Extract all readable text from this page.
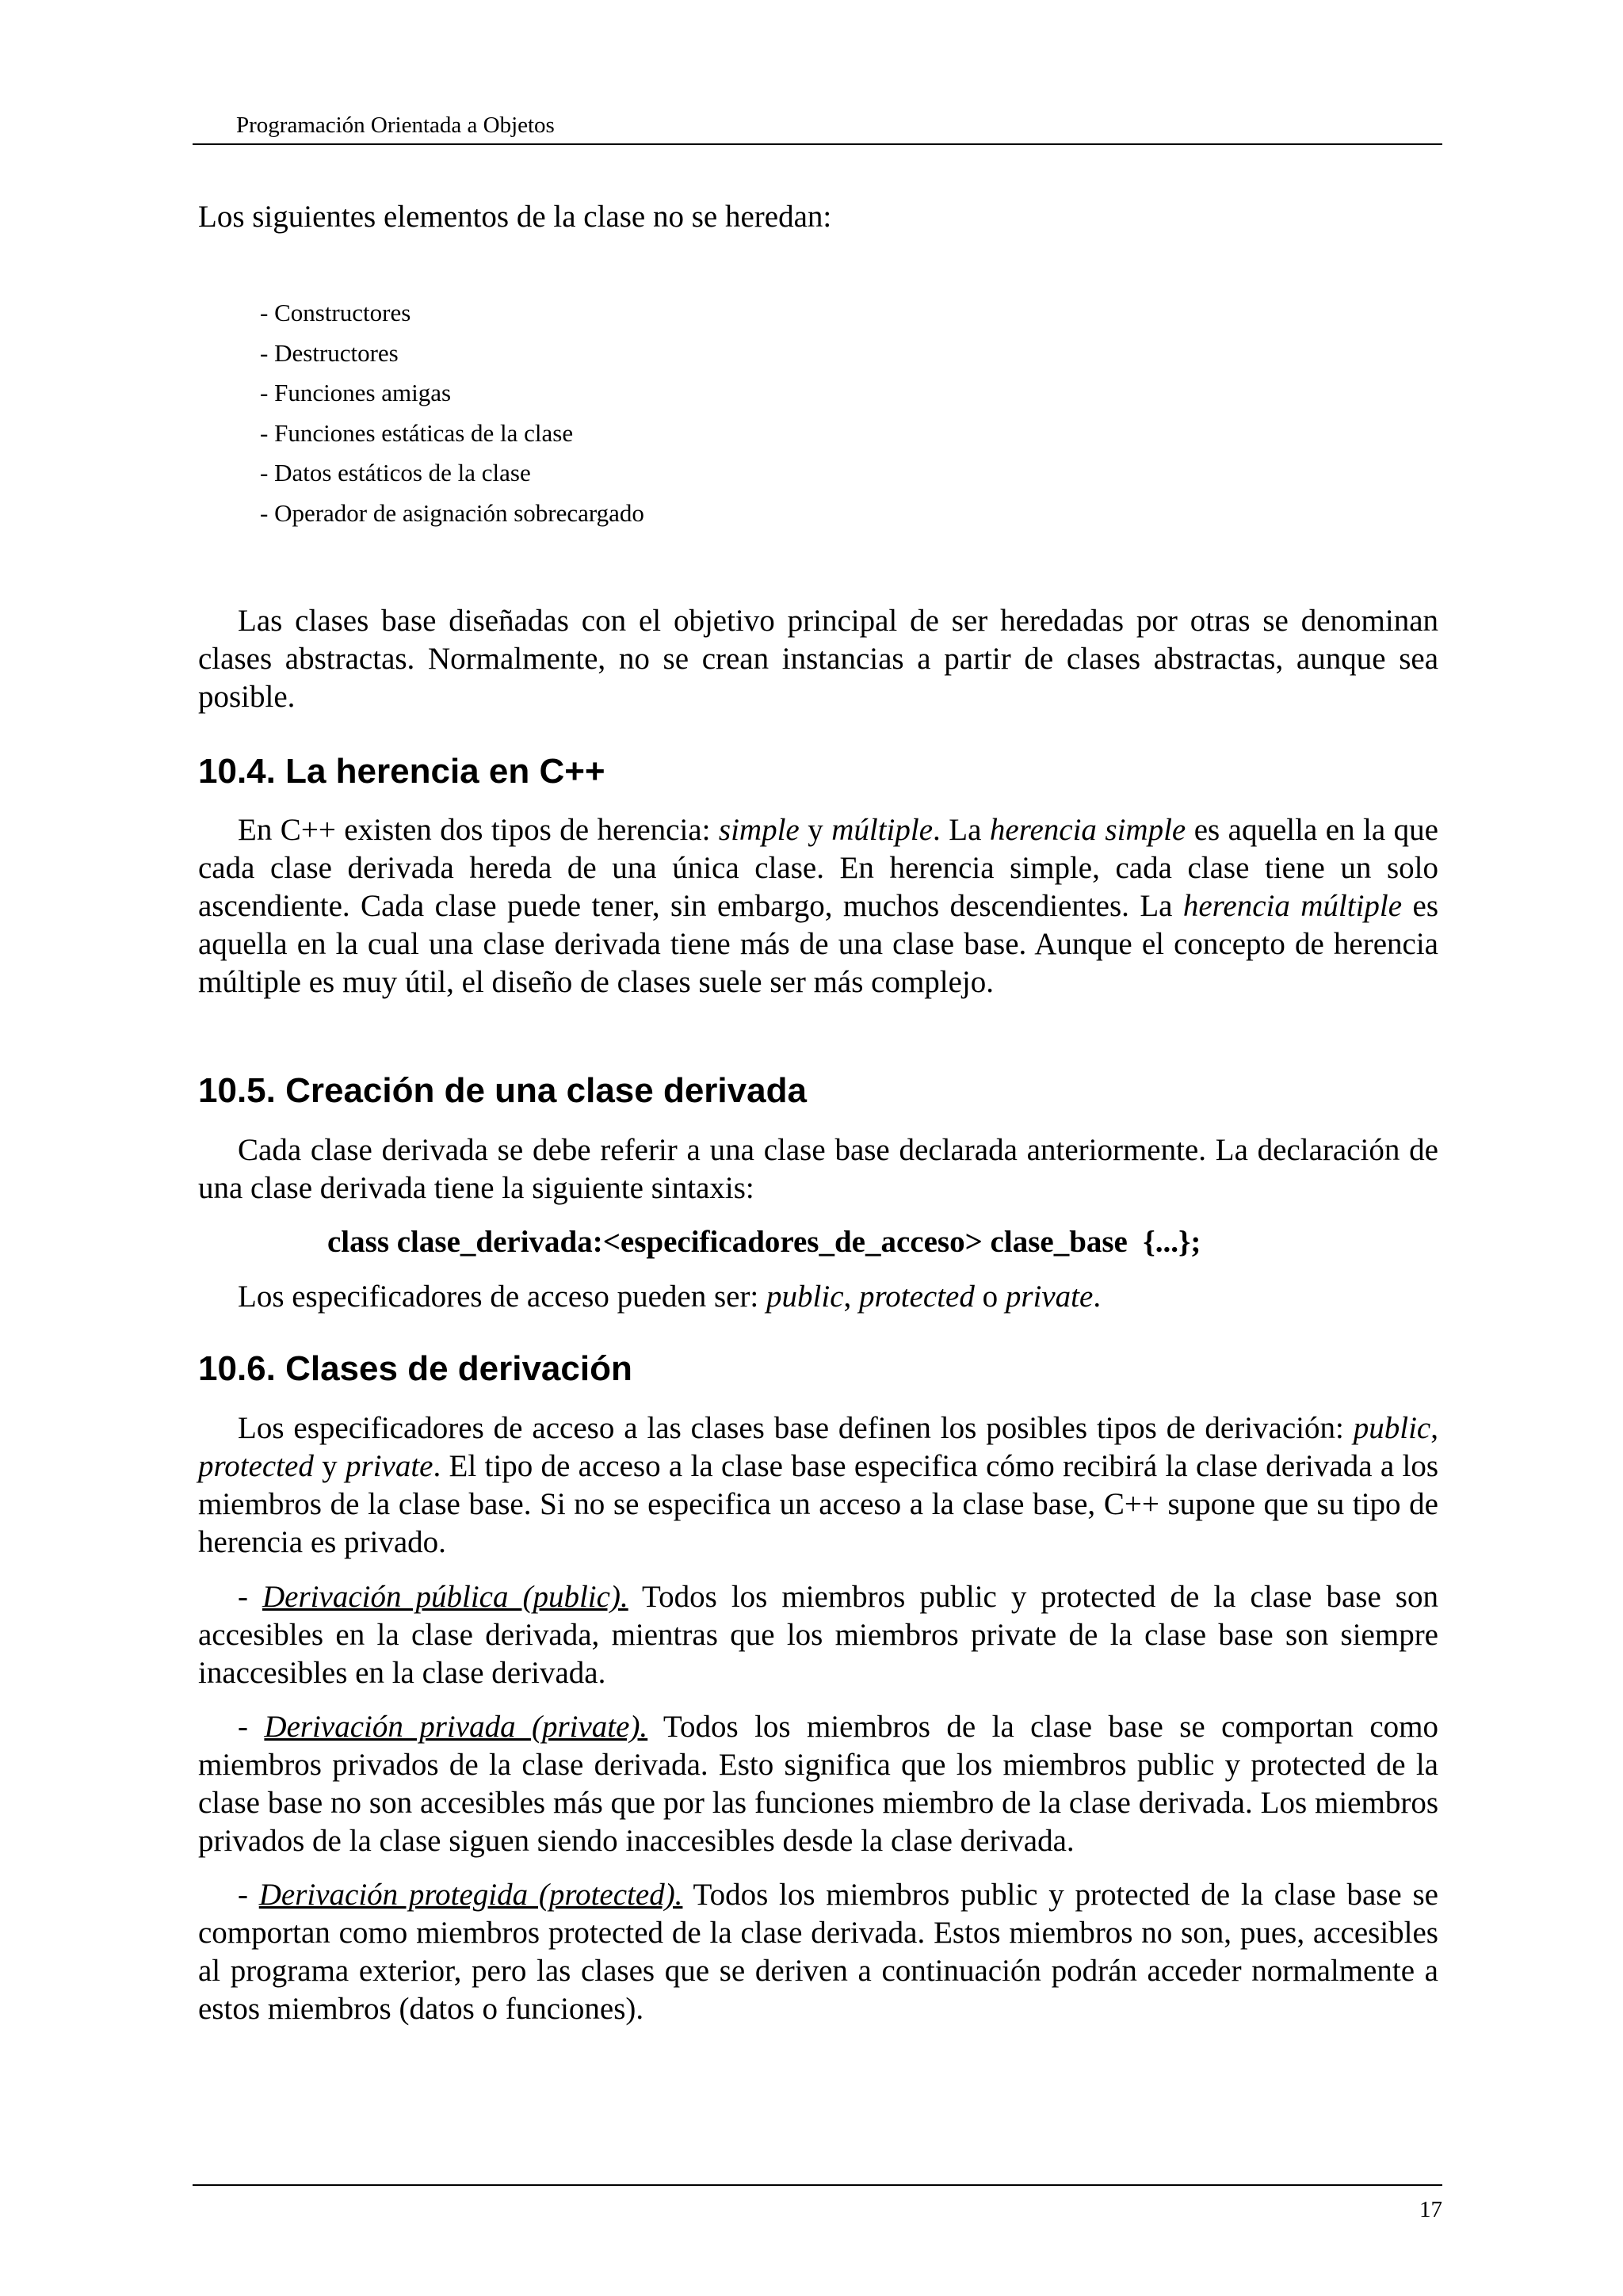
Programación Orientada a Objetos

Los siguientes elementos de la clase no se heredan:

- Constructores
- Destructores
- Funciones amigas
- Funciones estáticas de la clase
- Datos estáticos de la clase
- Operador de asignación sobrecargado

Las clases base diseñadas con el objetivo principal de ser heredadas por otras se denominan clases abstractas. Normalmente, no se crean instancias a partir de clases abstractas, aunque sea posible.

10.4. La herencia en C++

En C++ existen dos tipos de herencia: simple y múltiple. La herencia simple es aquella en la que cada clase derivada hereda de una única clase. En herencia simple, cada clase tiene un solo ascendiente. Cada clase puede tener, sin embargo, muchos descendientes. La herencia múltiple es aquella en la cual una clase derivada tiene más de una clase base. Aunque el concepto de herencia múltiple es muy útil, el diseño de clases suele ser más complejo.

10.5. Creación de una clase derivada

Cada clase derivada se debe referir a una clase base declarada anteriormente. La declaración de una clase derivada tiene la siguiente sintaxis:

class clase_derivada:<especificadores_de_acceso> clase_base  {...};

Los especificadores de acceso pueden ser: public, protected o private.

10.6. Clases de derivación

Los especificadores de acceso a las clases base definen los posibles tipos de derivación: public, protected y private. El tipo de acceso a la clase base especifica cómo recibirá la clase derivada a los miembros de la clase base. Si no se especifica un acceso a la clase base, C++ supone que su tipo de herencia es privado.

- Derivación pública (public). Todos los miembros public y protected de la clase base son accesibles en la clase derivada, mientras que los miembros private de la clase base son siempre inaccesibles en la clase derivada.

- Derivación privada (private). Todos los miembros de la clase base se comportan como miembros privados de la clase derivada. Esto significa que los miembros public y protected de la clase base no son accesibles más que por las funciones miembro de la clase derivada. Los miembros privados de la clase siguen siendo inaccesibles desde la clase derivada.

- Derivación protegida (protected). Todos los miembros public y protected de la clase base se comportan como miembros protected de la clase derivada. Estos miembros no son, pues, accesibles al programa exterior, pero las clases que se deriven a continuación podrán acceder normalmente a estos miembros (datos o funciones).

17
